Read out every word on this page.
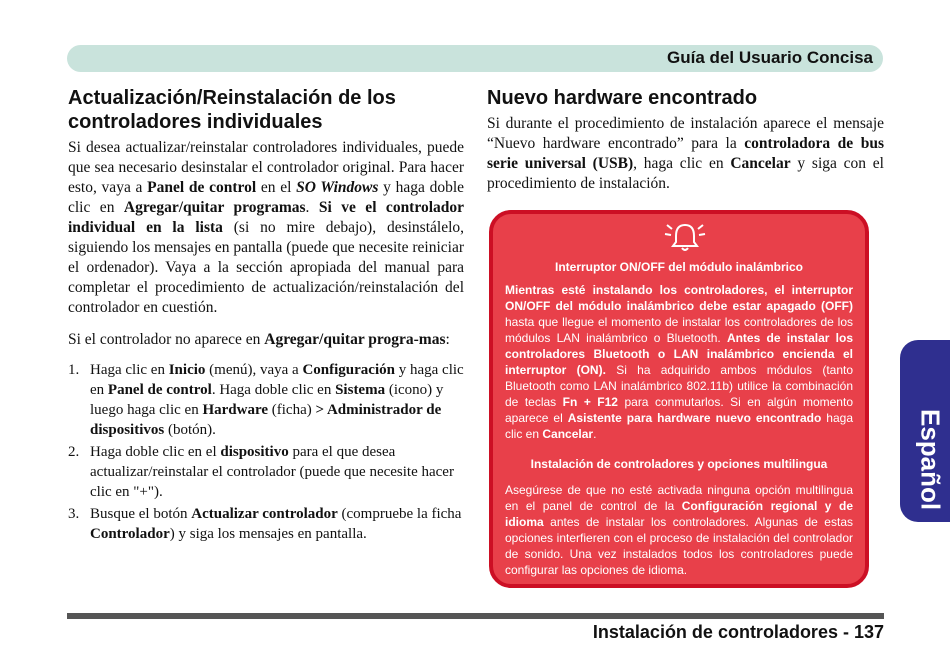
Guía del Usuario Concisa
Actualización/Reinstalación de los controladores individuales

Si desea actualizar/reinstalar controladores individuales, puede que sea necesario desinstalar el controlador original. Para hacer esto, vaya a Panel de control en el SO Windows y haga doble clic en Agregar/quitar programas. Si ve el controlador individual en la lista (si no mire debajo), desinstálelo, siguiendo los mensajes en pantalla (puede que necesite reiniciar el ordenador). Vaya a la sección apropiada del manual para completar el procedimiento de actualización/reinstalación del controlador en cuestión.

Si el controlador no aparece en Agregar/quitar progra-mas:

1. Haga clic en Inicio (menú), vaya a Configuración y haga clic en Panel de control. Haga doble clic en Sistema (icono) y luego haga clic en Hardware (ficha) > Administrador de dispositivos (botón).
2. Haga doble clic en el dispositivo para el que desea actualizar/reinstalar el controlador (puede que necesite hacer clic en "+").
3. Busque el botón Actualizar controlador (compruebe la ficha Controlador) y siga los mensajes en pantalla.
Nuevo hardware encontrado

Si durante el procedimiento de instalación aparece el mensaje “Nuevo hardware encontrado” para la controladora de bus serie universal (USB), haga clic en Cancelar y siga con el procedimiento de instalación.

Interruptor ON/OFF del módulo inalámbrico
Mientras esté instalando los controladores, el interruptor ON/OFF del módulo inalámbrico debe estar apagado (OFF) hasta que llegue el momento de instalar los controladores de los módulos LAN inalámbrico o Bluetooth. Antes de instalar los controladores Bluetooth o LAN inalámbrico encienda el interruptor (ON). Si ha adquirido ambos módulos (tanto Bluetooth como LAN inalámbrico 802.11b) utilice la combinación de teclas Fn + F12 para conmutarlos. Si en algún momento aparece el Asistente para hardware nuevo encontrado haga clic en Cancelar.
Instalación de controladores y opciones multilingua
Asegúrese de que no esté activada ninguna opción multilingua en el panel de control de la Configuración regional y de idioma antes de instalar los controladores. Algunas de estas opciones interfieren con el proceso de instalación del controlador de sonido. Una vez instalados todos los controladores puede configurar las opciones de idioma.
Español
Instalación de controladores - 137
